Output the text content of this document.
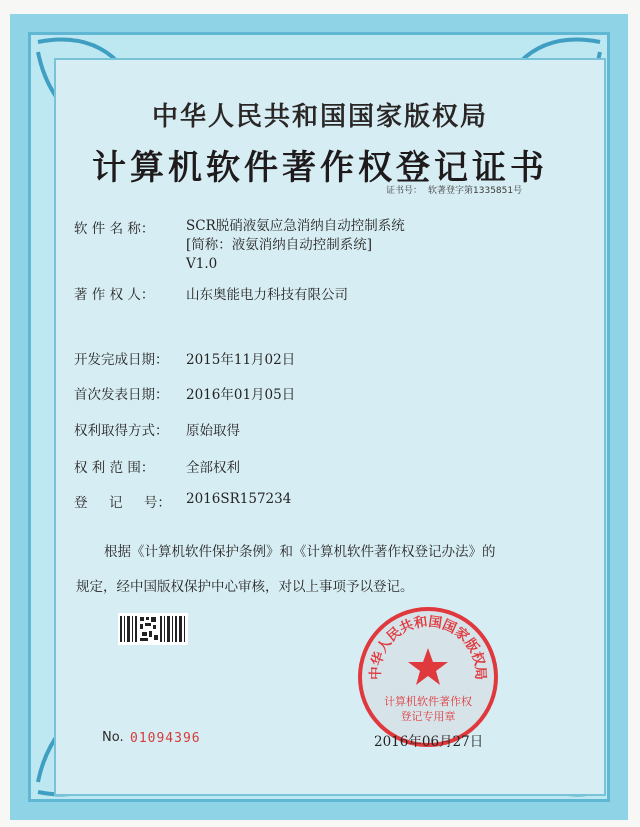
中华人民共和国国家版权局
计算机软件著作权登记证书
证书号： 软著登字第1335851号
软 件 名 称：	SCR脱硝液氨应急消纳自动控制系统
[简称：液氨消纳自动控制系统]
V1.0
著 作 权 人：	山东奥能电力科技有限公司
开发完成日期：	2015年11月02日
首次发表日期：	2016年01月05日
权利取得方式：	原始取得
权 利 范 围：	全部权利
登     记     号： 2016SR157234
根据《计算机软件保护条例》和《计算机软件著作权登记办法》的
规定，经中国版权保护中心审核，对以上事项予以登记。
No. 01094396
中华人民共和国国家版权局
计算机软件著作权
登记专用章
2016年06月27日
